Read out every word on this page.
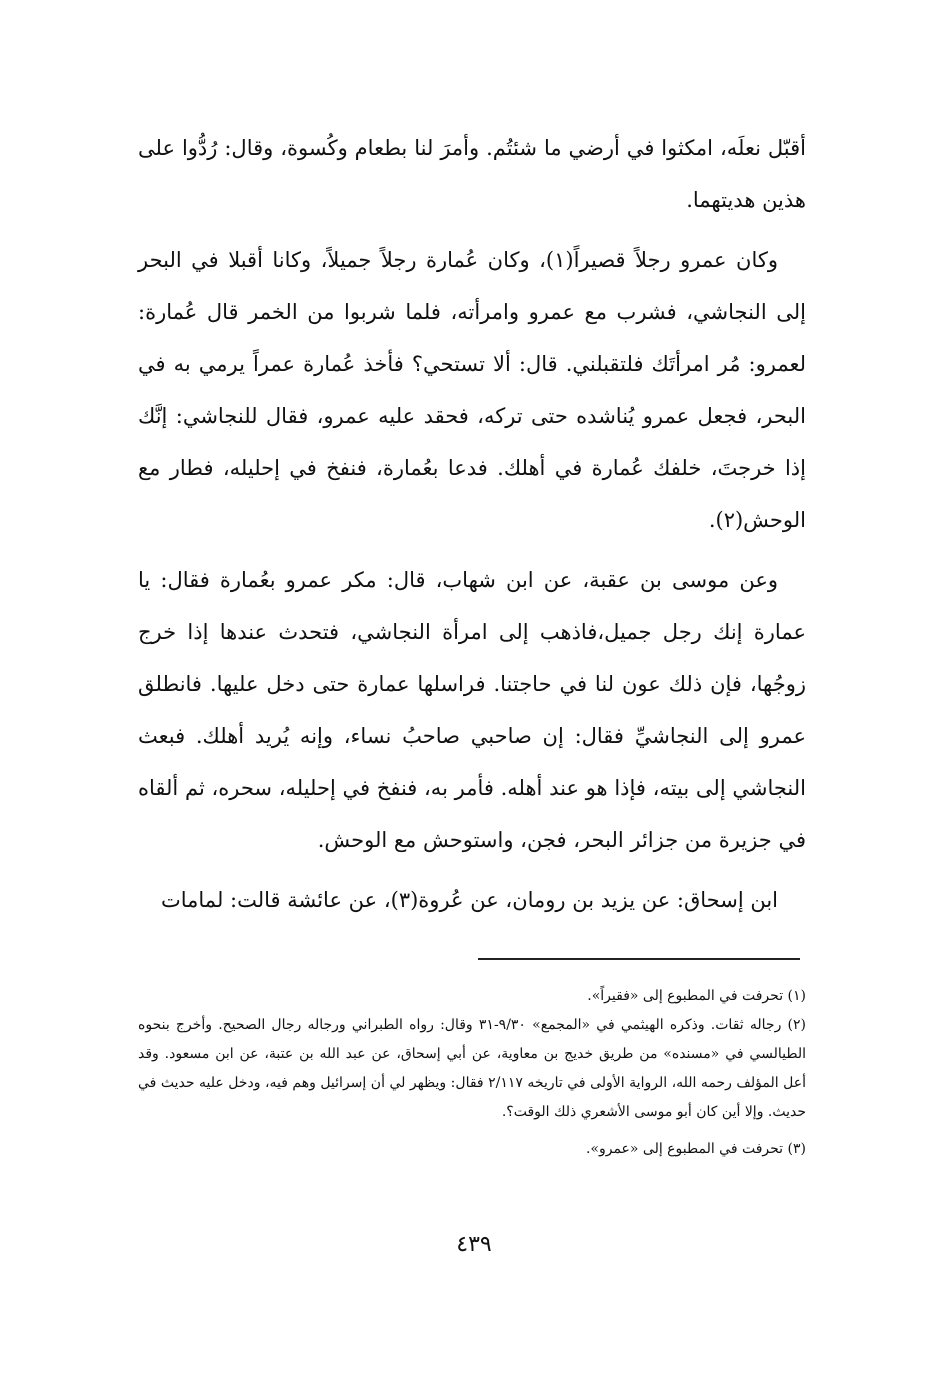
أقبّل نعلَه، امكثوا في أرضي ما شئتُم. وأمرَ لنا بطعام وكُسوة، وقال: رُدُّوا على هذين هديتهما.

وكان عمرو رجلاً قصيراً(١)، وكان عُمارة رجلاً جميلاً، وكانا أقبلا في البحر إلى النجاشي، فشرب مع عمرو وامرأته، فلما شربوا من الخمر قال عُمارة: لعمرو: مُر امرأتَك فلتقبلني. قال: ألا تستحي؟ فأخذ عُمارة عمراً يرمي به في البحر، فجعل عمرو يُناشده حتى تركه، فحقد عليه عمرو، فقال للنجاشي: إنَّك إذا خرجتَ، خلفك عُمارة في أهلك. فدعا بعُمارة، فنفخ في إحليله، فطار مع الوحش(٢).

وعن موسى بن عقبة، عن ابن شهاب، قال: مكر عمرو بعُمارة فقال: يا عمارة إنك رجل جميل،فاذهب إلى امرأة النجاشي، فتحدث عندها إذا خرج زوجُها، فإن ذلك عون لنا في حاجتنا. فراسلها عمارة حتى دخل عليها. فانطلق عمرو إلى النجاشيِّ فقال: إن صاحبي صاحبُ نساء، وإنه يُريد أهلك. فبعث النجاشي إلى بيته، فإذا هو عند أهله. فأمر به، فنفخ في إحليله، سحره، ثم ألقاه في جزيرة من جزائر البحر، فجن، واستوحش مع الوحش.

ابن إسحاق: عن يزيد بن رومان، عن عُروة(٣)، عن عائشة قالت: لمامات

(١) تحرفت في المطبوع إلى «فقيراً».

(٢) رجاله ثقات. وذكره الهيثمي في «المجمع» ٩/٣٠-٣١ وقال: رواه الطبراني ورجاله رجال الصحيح. وأخرج بنحوه الطيالسي في «مسنده» من طريق خديج بن معاوية، عن أبي إسحاق، عن عبد الله بن عتبة، عن ابن مسعود. وقد أعل المؤلف رحمه الله، الرواية الأولى في تاريخه ٢/١١٧ فقال: ويظهر لي أن إسرائيل وهم فيه، ودخل عليه حديث في حديث. وإلا أين كان أبو موسى الأشعري ذلك الوقت؟.

(٣) تحرفت في المطبوع إلى «عمرو».

٤٣٩
